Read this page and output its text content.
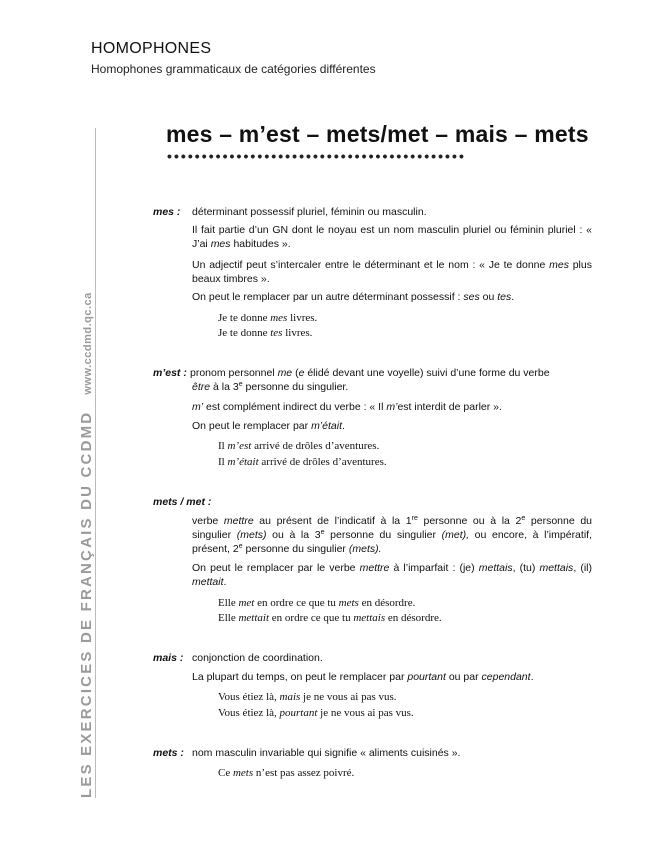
HOMOPHONES
Homophones grammaticaux de catégories différentes
LES EXERCICES DE FRANÇAIS DU CCDMDwww.ccdmd.qc.ca
mes – m’est – mets/met – mais – mets
•••••••••••••••••••••••••••••••••••••••••••
mes : déterminant possessif pluriel, féminin ou masculin.
Il fait partie d’un GN dont le noyau est un nom masculin pluriel ou féminin pluriel : « J’ai mes habitudes ».
Un adjectif peut s’intercaler entre le déterminant et le nom : « Je te donne mes plus beaux timbres ».
On peut le remplacer par un autre déterminant possessif : ses ou tes.
Je te donne mes livres.
Je te donne tes livres.
m’est : pronom personnel me (e élidé devant une voyelle) suivi d’une forme du verbe
être à la 3e personne du singulier.
m’ est complément indirect du verbe : « Il m’est interdit de parler ».
On peut le remplacer par m’était.
Il m’est arrivé de drôles d’aventures.
Il m’était arrivé de drôles d’aventures.
mets / met :
verbe mettre au présent de l’indicatif à la 1re personne ou à la 2e personne du singulier (mets) ou à la 3e personne du singulier (met), ou encore, à l’impératif, présent, 2e personne du singulier (mets).
On peut le remplacer par le verbe mettre à l’imparfait : (je) mettais, (tu) mettais, (il) mettait.
Elle met en ordre ce que tu mets en désordre.
Elle mettait en ordre ce que tu mettais en désordre.
mais : conjonction de coordination.
La plupart du temps, on peut le remplacer par pourtant ou par cependant.
Vous étiez là, mais je ne vous ai pas vus.
Vous étiez là, pourtant je ne vous ai pas vus.
mets : nom masculin invariable qui signifie « aliments cuisinés ».
Ce mets n’est pas assez poivré.
